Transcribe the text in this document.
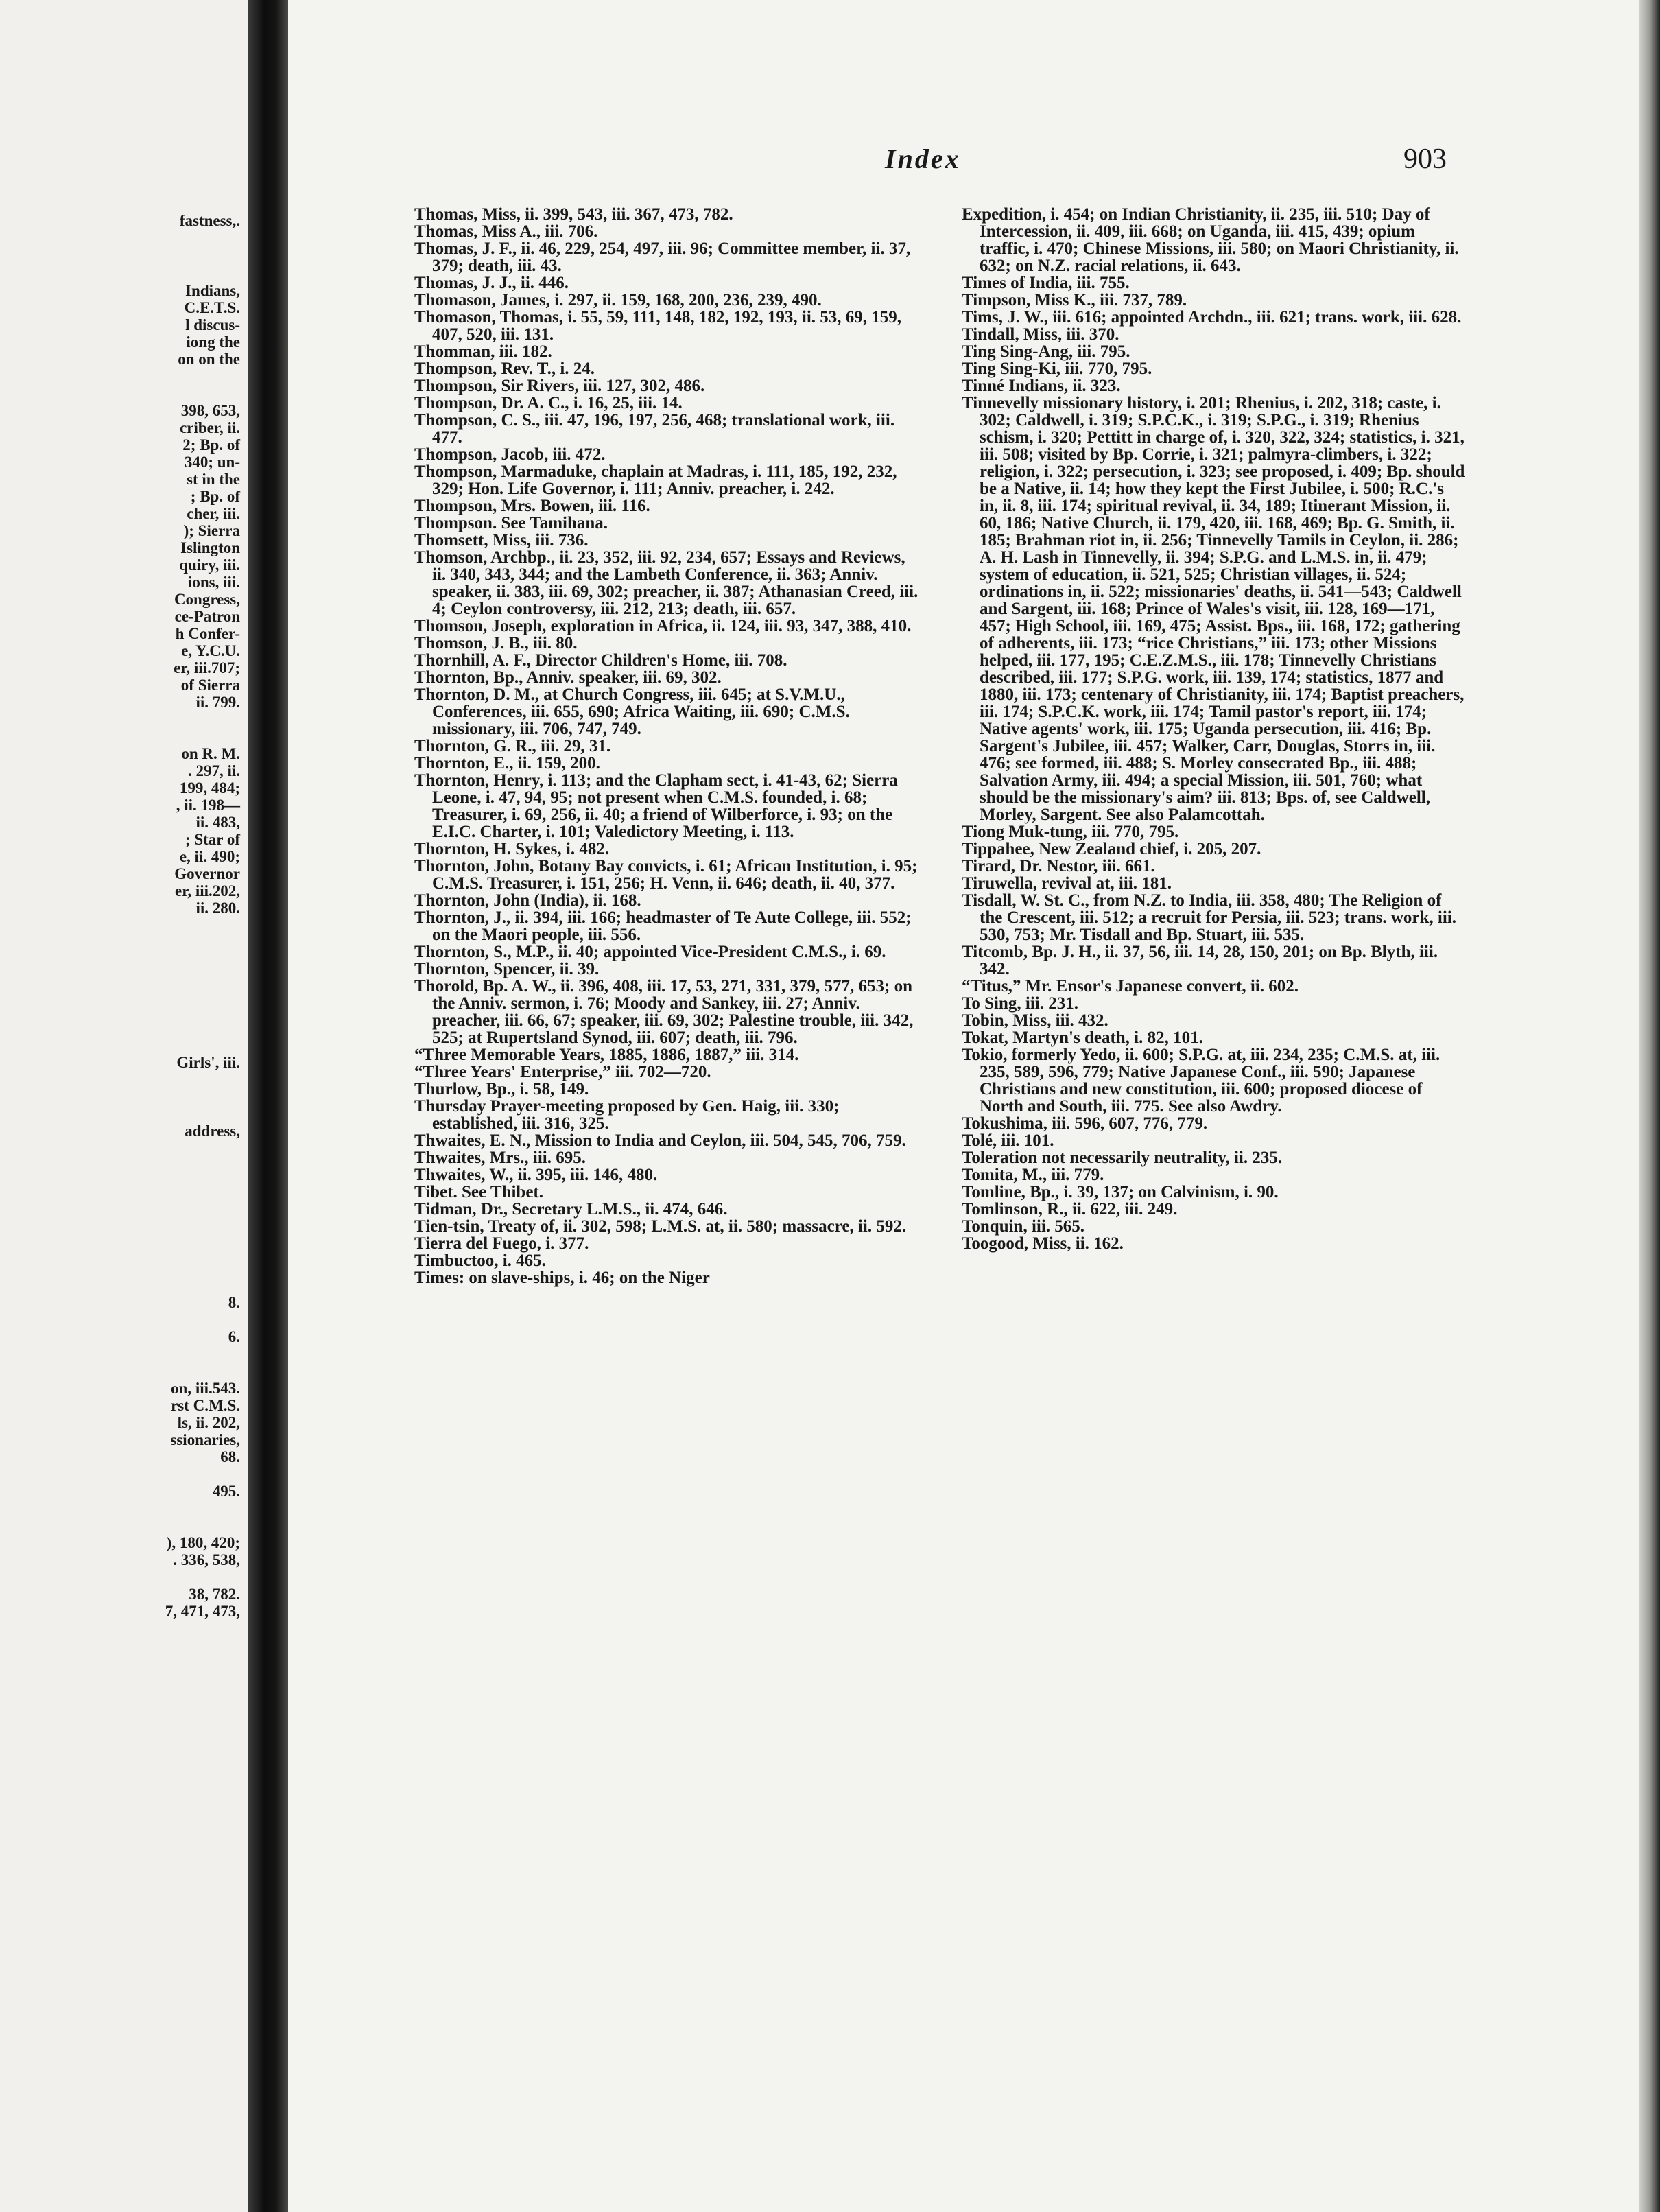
fastness,.
Indians,
C.E.T.S.
l discus-
iong the
on on the
398, 653,
criber, ii.
2; Bp. of
340; un-
st in the
; Bp. of
cher, iii.
); Sierra
Islington
quiry, iii.
ions, iii.
Congress,
ce-Patron
h Confer-
e, Y.C.U.
er, iii.707;
of Sierra
ii. 799.
on R. M.
. 297, ii.
199, 484;
, ii. 198—
ii. 483,
; Star of
e, ii. 490;
Governor
er, iii.202,
ii. 280.
Girls', iii.
address,
8.
6.
on, iii.543.
rst C.M.S.
ls, ii. 202,
ssionaries,
68.
495.
), 180, 420;
. 336, 538,
38, 782.
7, 471, 473,
Index	903

Thomas, Miss, ii. 399, 543, iii. 367, 473, 782.

Thomas, Miss A., iii. 706.

Thomas, J. F., ii. 46, 229, 254, 497, iii. 96; Committee member, ii. 37, 379; death, iii. 43.

Thomas, J. J., ii. 446.

Thomason, James, i. 297, ii. 159, 168, 200, 236, 239, 490.

Thomason, Thomas, i. 55, 59, 111, 148, 182, 192, 193, ii. 53, 69, 159, 407, 520, iii. 131.

Thomman, iii. 182.

Thompson, Rev. T., i. 24.

Thompson, Sir Rivers, iii. 127, 302, 486.

Thompson, Dr. A. C., i. 16, 25, iii. 14.

Thompson, C. S., iii. 47, 196, 197, 256, 468; translational work, iii. 477.

Thompson, Jacob, iii. 472.

Thompson, Marmaduke, chaplain at Madras, i. 111, 185, 192, 232, 329; Hon. Life Governor, i. 111; Anniv. preacher, i. 242.

Thompson, Mrs. Bowen, iii. 116.

Thompson. See Tamihana.

Thomsett, Miss, iii. 736.

Thomson, Archbp., ii. 23, 352, iii. 92, 234, 657; Essays and Reviews, ii. 340, 343, 344; and the Lambeth Conference, ii. 363; Anniv. speaker, ii. 383, iii. 69, 302; preacher, ii. 387; Athanasian Creed, iii. 4; Ceylon controversy, iii. 212, 213; death, iii. 657.

Thomson, Joseph, exploration in Africa, ii. 124, iii. 93, 347, 388, 410.

Thomson, J. B., iii. 80.

Thornhill, A. F., Director Children's Home, iii. 708.

Thornton, Bp., Anniv. speaker, iii. 69, 302.

Thornton, D. M., at Church Congress, iii. 645; at S.V.M.U., Conferences, iii. 655, 690; Africa Waiting, iii. 690; C.M.S. missionary, iii. 706, 747, 749.

Thornton, G. R., iii. 29, 31.

Thornton, E., ii. 159, 200.

Thornton, Henry, i. 113; and the Clapham sect, i. 41-43, 62; Sierra Leone, i. 47, 94, 95; not present when C.M.S. founded, i. 68; Treasurer, i. 69, 256, ii. 40; a friend of Wilberforce, i. 93; on the E.I.C. Charter, i. 101; Valedictory Meeting, i. 113.

Thornton, H. Sykes, i. 482.

Thornton, John, Botany Bay convicts, i. 61; African Institution, i. 95; C.M.S. Treasurer, i. 151, 256; H. Venn, ii. 646; death, ii. 40, 377.

Thornton, John (India), ii. 168.

Thornton, J., ii. 394, iii. 166; headmaster of Te Aute College, iii. 552; on the Maori people, iii. 556.

Thornton, S., M.P., ii. 40; appointed Vice-President C.M.S., i. 69.

Thornton, Spencer, ii. 39.

Thorold, Bp. A. W., ii. 396, 408, iii. 17, 53, 271, 331, 379, 577, 653; on the Anniv. sermon, i. 76; Moody and Sankey, iii. 27; Anniv. preacher, iii. 66, 67; speaker, iii. 69, 302; Palestine trouble, iii. 342, 525; at Rupertsland Synod, iii. 607; death, iii. 796.

“Three Memorable Years, 1885, 1886, 1887,” iii. 314.

“Three Years' Enterprise,” iii. 702—720.

Thurlow, Bp., i. 58, 149.

Thursday Prayer-meeting proposed by Gen. Haig, iii. 330; established, iii. 316, 325.

Thwaites, E. N., Mission to India and Ceylon, iii. 504, 545, 706, 759.

Thwaites, Mrs., iii. 695.

Thwaites, W., ii. 395, iii. 146, 480.

Tibet. See Thibet.

Tidman, Dr., Secretary L.M.S., ii. 474, 646.

Tien-tsin, Treaty of, ii. 302, 598; L.M.S. at, ii. 580; massacre, ii. 592.

Tierra del Fuego, i. 377.

Timbuctoo, i. 465.

Times: on slave-ships, i. 46; on the Niger

Expedition, i. 454; on Indian Christianity, ii. 235, iii. 510; Day of Intercession, ii. 409, iii. 668; on Uganda, iii. 415, 439; opium traffic, i. 470; Chinese Missions, iii. 580; on Maori Christianity, ii. 632; on N.Z. racial relations, ii. 643.

Times of India, iii. 755.

Timpson, Miss K., iii. 737, 789.

Tims, J. W., iii. 616; appointed Archdn., iii. 621; trans. work, iii. 628.

Tindall, Miss, iii. 370.

Ting Sing-Ang, iii. 795.

Ting Sing-Ki, iii. 770, 795.

Tinné Indians, ii. 323.

Tinnevelly missionary history, i. 201; Rhenius, i. 202, 318; caste, i. 302; Caldwell, i. 319; S.P.C.K., i. 319; S.P.G., i. 319; Rhenius schism, i. 320; Pettitt in charge of, i. 320, 322, 324; statistics, i. 321, iii. 508; visited by Bp. Corrie, i. 321; palmyra-climbers, i. 322; religion, i. 322; persecution, i. 323; see proposed, i. 409; Bp. should be a Native, ii. 14; how they kept the First Jubilee, i. 500; R.C.'s in, ii. 8, iii. 174; spiritual revival, ii. 34, 189; Itinerant Mission, ii. 60, 186; Native Church, ii. 179, 420, iii. 168, 469; Bp. G. Smith, ii. 185; Brahman riot in, ii. 256; Tinnevelly Tamils in Ceylon, ii. 286; A. H. Lash in Tinnevelly, ii. 394; S.P.G. and L.M.S. in, ii. 479; system of education, ii. 521, 525; Christian villages, ii. 524; ordinations in, ii. 522; missionaries' deaths, ii. 541—543; Caldwell and Sargent, iii. 168; Prince of Wales's visit, iii. 128, 169—171, 457; High School, iii. 169, 475; Assist. Bps., iii. 168, 172; gathering of adherents, iii. 173; “rice Christians,” iii. 173; other Missions helped, iii. 177, 195; C.E.Z.M.S., iii. 178; Tinnevelly Christians described, iii. 177; S.P.G. work, iii. 139, 174; statistics, 1877 and 1880, iii. 173; centenary of Christianity, iii. 174; Baptist preachers, iii. 174; S.P.C.K. work, iii. 174; Tamil pastor's report, iii. 174; Native agents' work, iii. 175; Uganda persecution, iii. 416; Bp. Sargent's Jubilee, iii. 457; Walker, Carr, Douglas, Storrs in, iii. 476; see formed, iii. 488; S. Morley consecrated Bp., iii. 488; Salvation Army, iii. 494; a special Mission, iii. 501, 760; what should be the missionary's aim? iii. 813; Bps. of, see Caldwell, Morley, Sargent. See also Palamcottah.

Tiong Muk-tung, iii. 770, 795.

Tippahee, New Zealand chief, i. 205, 207.

Tirard, Dr. Nestor, iii. 661.

Tiruwella, revival at, iii. 181.

Tisdall, W. St. C., from N.Z. to India, iii. 358, 480; The Religion of the Crescent, iii. 512; a recruit for Persia, iii. 523; trans. work, iii. 530, 753; Mr. Tisdall and Bp. Stuart, iii. 535.

Titcomb, Bp. J. H., ii. 37, 56, iii. 14, 28, 150, 201; on Bp. Blyth, iii. 342.

“Titus,” Mr. Ensor's Japanese convert, ii. 602.

To Sing, iii. 231.

Tobin, Miss, iii. 432.

Tokat, Martyn's death, i. 82, 101.

Tokio, formerly Yedo, ii. 600; S.P.G. at, iii. 234, 235; C.M.S. at, iii. 235, 589, 596, 779; Native Japanese Conf., iii. 590; Japanese Christians and new constitution, iii. 600; proposed diocese of North and South, iii. 775. See also Awdry.

Tokushima, iii. 596, 607, 776, 779.

Tolé, iii. 101.

Toleration not necessarily neutrality, ii. 235.

Tomita, M., iii. 779.

Tomline, Bp., i. 39, 137; on Calvinism, i. 90.

Tomlinson, R., ii. 622, iii. 249.

Tonquin, iii. 565.

Toogood, Miss, ii. 162.
